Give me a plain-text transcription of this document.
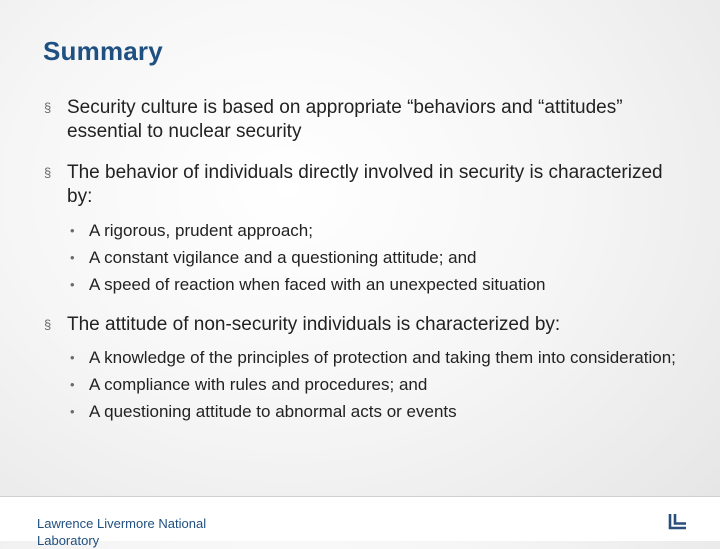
Summary
§ Security culture is based on appropriate “behaviors and “attitudes” essential to nuclear security
§ The behavior of individuals directly involved in security is characterized by:
• A rigorous, prudent approach;
• A constant vigilance and a questioning attitude; and
• A speed of reaction when faced with an unexpected situation
§ The attitude of non-security individuals is characterized by:
• A knowledge of the principles of protection and taking them into consideration;
• A compliance with rules and procedures; and
• A questioning attitude to abnormal acts or events
Lawrence Livermore National Laboratory
